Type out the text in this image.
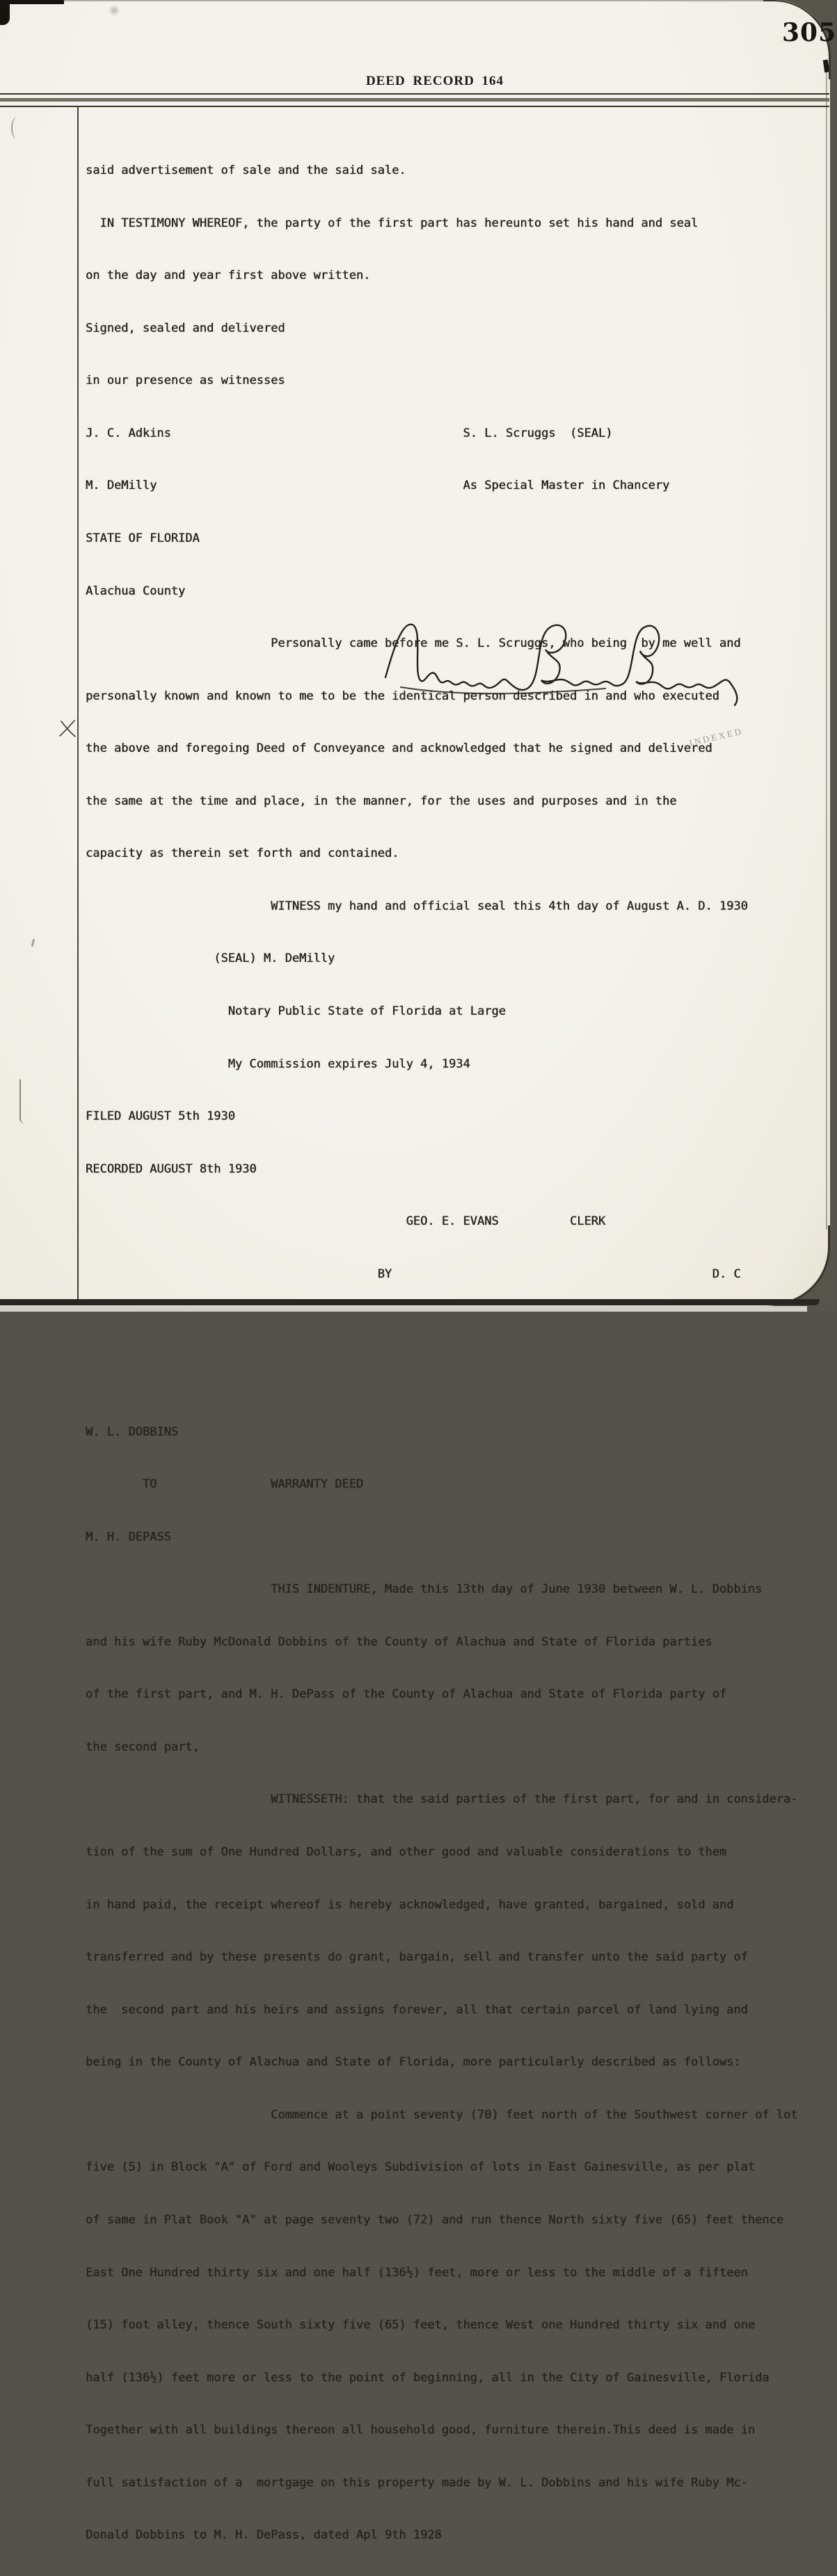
305
DEED RECORD 164

said advertisement of sale and the said sale.

IN TESTIMONY WHEREOF, the party of the first part has hereunto set his hand and seal

on the day and year first above written.

Signed, sealed and delivered

in our presence as witnesses

J. C. Adkins                                         S. L. Scruggs  (SEAL)

M. DeMilly                                           As Special Master in Chancery

STATE OF FLORIDA

Alachua County

Personally came before me S. L. Scruggs, who being  by me well and

personally known and known to me to be the identical person described in and who executed

the above and foregoing Deed of Conveyance and acknowledged that he signed and delivered

the same at the time and place, in the manner, for the uses and purposes and in the

capacity as therein set forth and contained.

WITNESS my hand and official seal this 4th day of August A. D. 1930

(SEAL) M. DeMilly

Notary Public State of Florida at Large

My Commission expires July 4, 1934

FILED AUGUST 5th 1930

RECORDED AUGUST 8th 1930

GEO. E. EVANS          CLERK

BY                                             D. C

W. L. DOBBINS

TO                WARRANTY DEED

M. H. DEPASS

THIS INDENTURE, Made this 13th day of June 1930 between W. L. Dobbins

and his wife Ruby McDonald Dobbins of the County of Alachua and State of Florida parties

of the first part, and M. H. DePass of the County of Alachua and State of Florida party of

the second part,

WITNESSETH: that the said parties of the first part, for and in considera-

tion of the sum of One Hundred Dollars, and other good and valuable considerations to them

in hand paid, the receipt whereof is hereby acknowledged, have granted, bargained, sold and

transferred and by these presents do grant, bargain, sell and transfer unto the said party of

the  second part and his heirs and assigns forever, all that certain parcel of land lying and

being in the County of Alachua and State of Florida, more particularly described as follows:

Commence at a point seventy (70) feet north of the Southwest corner of lot

five (5) in Block "A" of Ford and Wooleys Subdivision of lots in East Gainesville, as per plat

of same in Plat Book "A" at page seventy two (72) and run thence North sixty five (65) feet thence

East One Hundred thirty six and one half (136½) feet, more or less to the middle of a fifteen

(15) foot alley, thence South sixty five (65) feet, thence West one Hundred thirty six and one

half (136½) feet more or less to the point of beginning, all in the City of Gainesville, Florida

Together with all buildings thereon all household good, furniture therein.This deed is made in

full satisfaction of a  mortgage on this property made by W. L. Dobbins and his wife Ruby Mc-

Donald Dobbins to M. H. DePass, dated Apl 9th 1928

INDEXED
